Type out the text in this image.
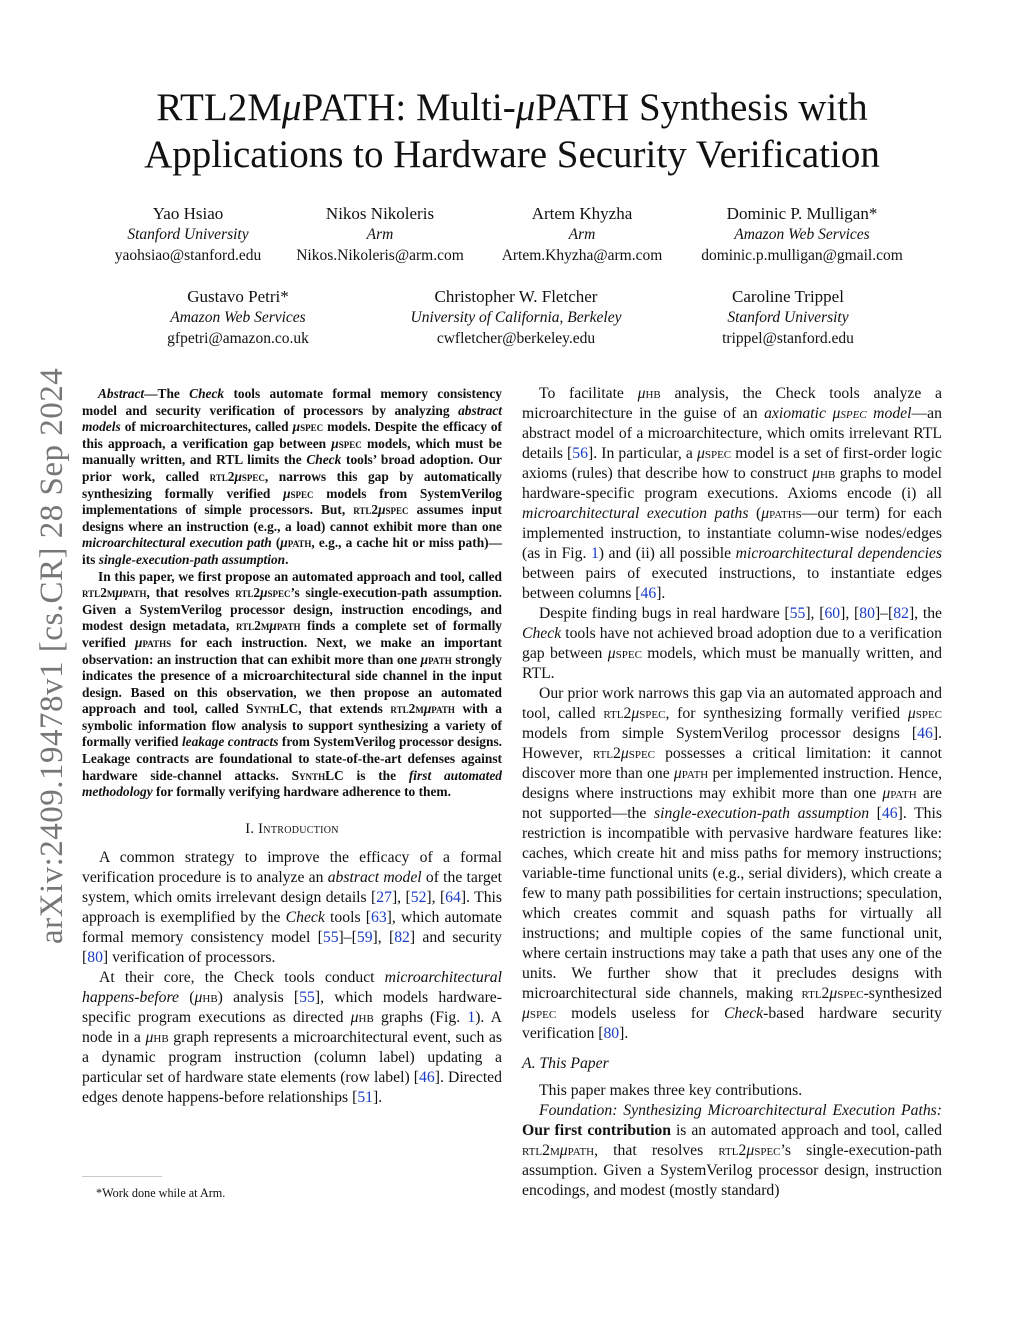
arXiv:2409.19478v1 [cs.CR] 28 Sep 2024
RTL2MμPATH: Multi-μPATH Synthesis with
Applications to Hardware Security Verification
Yao Hsiao
Stanford University
yaohsiao@stanford.edu
Nikos Nikoleris
Arm
Nikos.Nikoleris@arm.com
Artem Khyzha
Arm
Artem.Khyzha@arm.com
Dominic P. Mulligan*
Amazon Web Services
dominic.p.mulligan@gmail.com
Gustavo Petri*
Amazon Web Services
gfpetri@amazon.co.uk
Christopher W. Fletcher
University of California, Berkeley
cwfletcher@berkeley.edu
Caroline Trippel
Stanford University
trippel@stanford.edu

Abstract—The Check tools automate formal memory consistency model and security verification of processors by analyzing abstract models of microarchitectures, called μspec models. Despite the efficacy of this approach, a verification gap between μspec models, which must be manually written, and RTL limits the Check tools’ broad adoption. Our prior work, called rtl2μspec, narrows this gap by automatically synthesizing formally verified μspec models from SystemVerilog implementations of simple processors. But, rtl2μspec assumes input designs where an instruction (e.g., a load) cannot exhibit more than one microarchitectural execution path (μpath, e.g., a cache hit or miss path)—its single-execution-path assumption.

In this paper, we first propose an automated approach and tool, called rtl2mμpath, that resolves rtl2μspec’s single-execution-path assumption. Given a SystemVerilog processor design, instruction encodings, and modest design metadata, rtl2mμpath finds a complete set of formally verified μpaths for each instruction. Next, we make an important observation: an instruction that can exhibit more than one μpath strongly indicates the presence of a microarchitectural side channel in the input design. Based on this observation, we then propose an automated approach and tool, called SynthLC, that extends rtl2mμpath with a symbolic information flow analysis to support synthesizing a variety of formally verified leakage contracts from SystemVerilog processor designs. Leakage contracts are foundational to state-of-the-art defenses against hardware side-channel attacks. SynthLC is the first automated methodology for formally verifying hardware adherence to them.

I. Introduction

A common strategy to improve the efficacy of a formal verification procedure is to analyze an abstract model of the target system, which omits irrelevant design details [27], [52], [64]. This approach is exemplified by the Check tools [63], which automate formal memory consistency model [55]–[59], [82] and security [80] verification of processors.

At their core, the Check tools conduct microarchitectural happens-before (μhb) analysis [55], which models hardware-specific program executions as directed μhb graphs (Fig. 1). A node in a μhb graph represents a microarchitectural event, such as a dynamic program instruction (column label) updating a particular set of hardware state elements (row label) [46]. Directed edges denote happens-before relationships [51].

*Work done while at Arm.

To facilitate μhb analysis, the Check tools analyze a microarchitecture in the guise of an axiomatic μspec model—an abstract model of a microarchitecture, which omits irrelevant RTL details [56]. In particular, a μspec model is a set of first-order logic axioms (rules) that describe how to construct μhb graphs to model hardware-specific program executions. Axioms encode (i) all microarchitectural execution paths (μpaths—our term) for each implemented instruction, to instantiate column-wise nodes/edges (as in Fig. 1) and (ii) all possible microarchitectural dependencies between pairs of executed instructions, to instantiate edges between columns [46].

Despite finding bugs in real hardware [55], [60], [80]–[82], the Check tools have not achieved broad adoption due to a verification gap between μspec models, which must be manually written, and RTL.

Our prior work narrows this gap via an automated approach and tool, called rtl2μspec, for synthesizing formally verified μspec models from simple SystemVerilog processor designs [46]. However, rtl2μspec possesses a critical limitation: it cannot discover more than one μpath per implemented instruction. Hence, designs where instructions may exhibit more than one μpath are not supported—the single-execution-path assumption [46]. This restriction is incompatible with pervasive hardware features like: caches, which create hit and miss paths for memory instructions; variable-time functional units (e.g., serial dividers), which create a few to many path possibilities for certain instructions; speculation, which creates commit and squash paths for virtually all instructions; and multiple copies of the same functional unit, where certain instructions may take a path that uses any one of the units. We further show that it precludes designs with microarchitectural side channels, making rtl2μspec-synthesized μspec models useless for Check-based hardware security verification [80].

A. This Paper

This paper makes three key contributions.

Foundation: Synthesizing Microarchitectural Execution Paths: Our first contribution is an automated approach and tool, called rtl2mμpath, that resolves rtl2μspec’s single-execution-path assumption. Given a SystemVerilog processor design, instruction encodings, and modest (mostly standard)
